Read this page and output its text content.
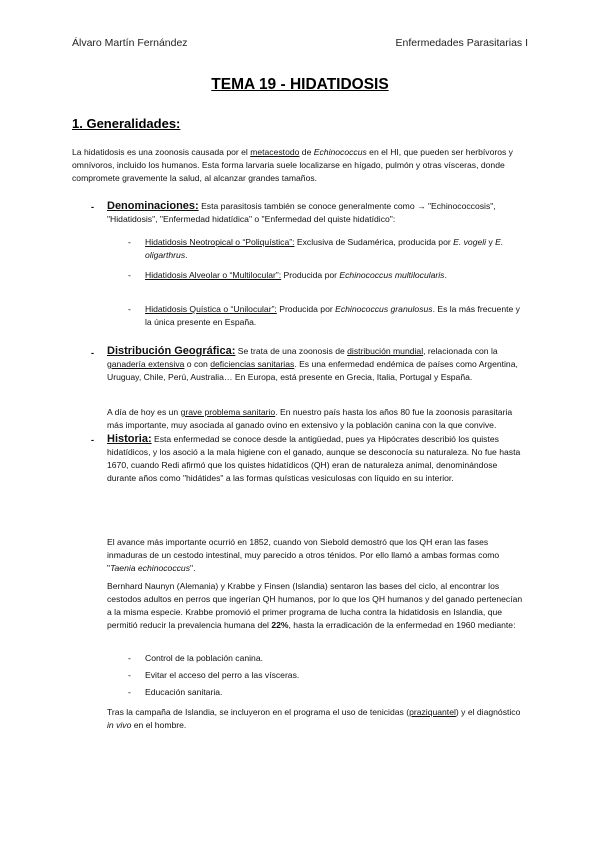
Álvaro Martín Fernández	Enfermedades Parasitarias I
TEMA 19 - HIDATIDOSIS
1. Generalidades:
La hidatidosis es una zoonosis causada por el metacestodo de Echinococcus en el HI, que pueden ser herbívoros y omnívoros, incluido los humanos. Esta forma larvaria suele localizarse en hígado, pulmón y otras vísceras, donde compromete gravemente la salud, al alcanzar grandes tamaños.
- Denominaciones: Esta parasitosis también se conoce generalmente como → "Echinococcosis", "Hidatidosis", "Enfermedad hidatídica" o "Enfermedad del quiste hidatídico":
- Hidatidosis Neotropical o “Poliquística”: Exclusiva de Sudamérica, producida por E. vogeli y E. oligarthrus.
- Hidatidosis Alveolar o “Multilocular”: Producida por Echinococcus multilocularis.
- Hidatidosis Quística o “Unilocular”: Producida por Echinococcus granulosus. Es la más frecuente y la única presente en España.
- Distribución Geográfica: Se trata de una zoonosis de distribución mundial, relacionada con la ganadería extensiva o con deficiencias sanitarias. Es una enfermedad endémica de países como Argentina, Uruguay, Chile, Perú, Australia… En Europa, está presente en Grecia, Italia, Portugal y España.
A día de hoy es un grave problema sanitario. En nuestro país hasta los años 80 fue la zoonosis parasitaria más importante, muy asociada al ganado ovino en extensivo y la población canina con la que convive.
- Historia: Esta enfermedad se conoce desde la antigüedad, pues ya Hipócrates describió los quistes hidatídicos, y los asoció a la mala higiene con el ganado, aunque se desconocía su naturaleza. No fue hasta 1670, cuando Redi afirmó que los quistes hidatídicos (QH) eran de naturaleza animal, denominándose durante años como "hidátides" a las formas quísticas vesiculosas con líquido en su interior.
El avance más importante ocurrió en 1852, cuando von Siebold demostró que los QH eran las fases inmaduras de un cestodo intestinal, muy parecido a otros ténidos. Por ello llamó a ambas formas como "Taenia echinococcus".
Bernhard Naunyn (Alemania) y Krabbe y Finsen (Islandia) sentaron las bases del ciclo, al encontrar los cestodos adultos en perros que ingerían QH humanos, por lo que los QH humanos y del ganado pertenecían a la misma especie. Krabbe promovió el primer programa de lucha contra la hidatidosis en Islandia, que permitió reducir la prevalencia humana del 22%, hasta la erradicación de la enfermedad en 1960 mediante:
- Control de la población canina.
- Evitar el acceso del perro a las vísceras.
- Educación sanitaria.
Tras la campaña de Islandia, se incluyeron en el programa el uso de tenicidas (praziquantel) y el diagnóstico in vivo en el hombre.
